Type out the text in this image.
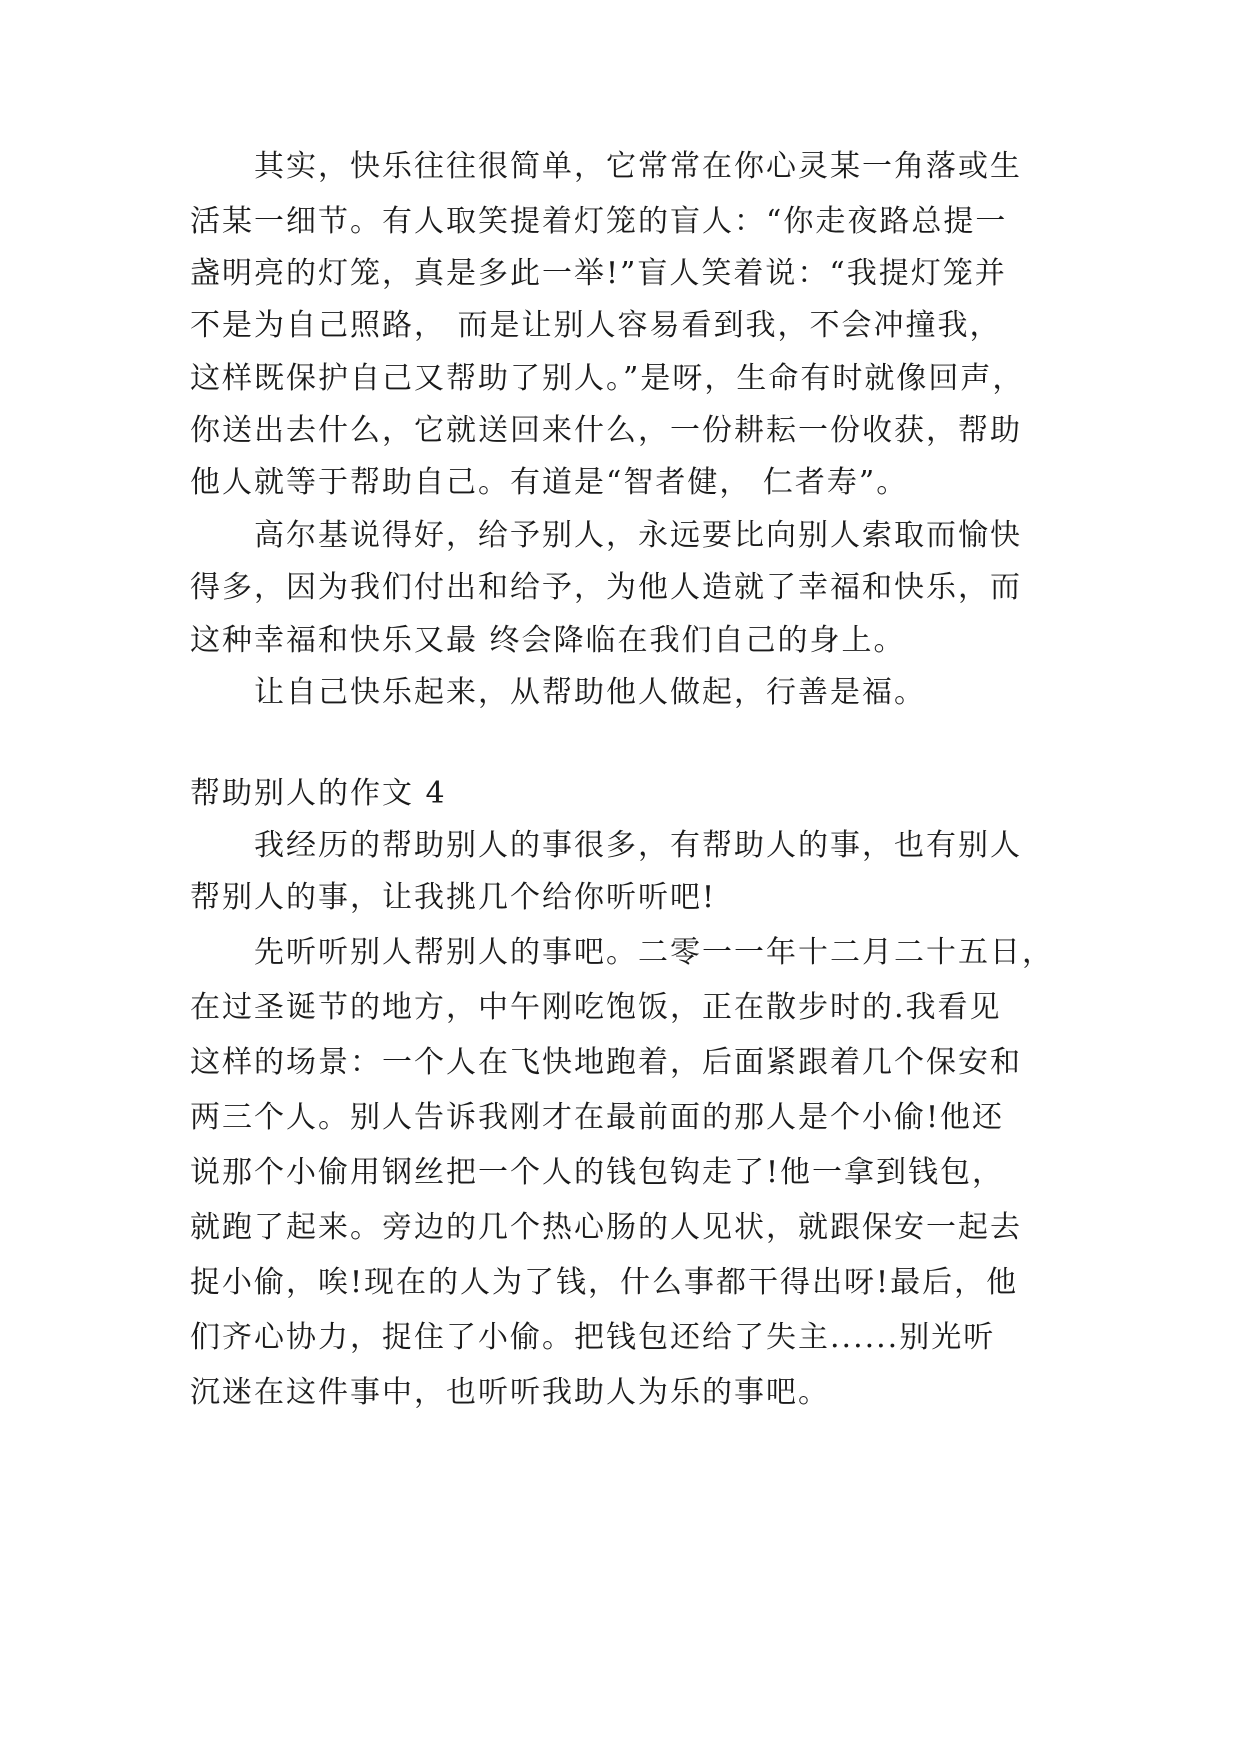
其实，快乐往往很简单，它常常在你心灵某一角落或生
活某一细节。有人取笑提着灯笼的盲人：“你走夜路总提一
盏明亮的灯笼，真是多此一举!”盲人笑着说：“我提灯笼并
不是为自己照路， 而是让别人容易看到我，不会冲撞我，
这样既保护自己又帮助了别人。”是呀，生命有时就像回声，
你送出去什么，它就送回来什么，一份耕耘一份收获，帮助
他人就等于帮助自己。有道是“智者健， 仁者寿”。
高尔基说得好，给予别人，永远要比向别人索取而愉快
得多，因为我们付出和给予，为他人造就了幸福和快乐，而
这种幸福和快乐又最 终会降临在我们自己的身上。
让自己快乐起来，从帮助他人做起，行善是福。
帮助别人的作文 4
我经历的帮助别人的事很多，有帮助人的事，也有别人
帮别人的事，让我挑几个给你听听吧!
先听听别人帮别人的事吧。二零一一年十二月二十五日，
在过圣诞节的地方，中午刚吃饱饭，正在散步时的.我看见
这样的场景：一个人在飞快地跑着，后面紧跟着几个保安和
两三个人。别人告诉我刚才在最前面的那人是个小偷!他还
说那个小偷用钢丝把一个人的钱包钩走了!他一拿到钱包，
就跑了起来。旁边的几个热心肠的人见状，就跟保安一起去
捉小偷，唉!现在的人为了钱，什么事都干得出呀!最后，他
们齐心协力，捉住了小偷。把钱包还给了失主......别光听
沉迷在这件事中，也听听我助人为乐的事吧。
